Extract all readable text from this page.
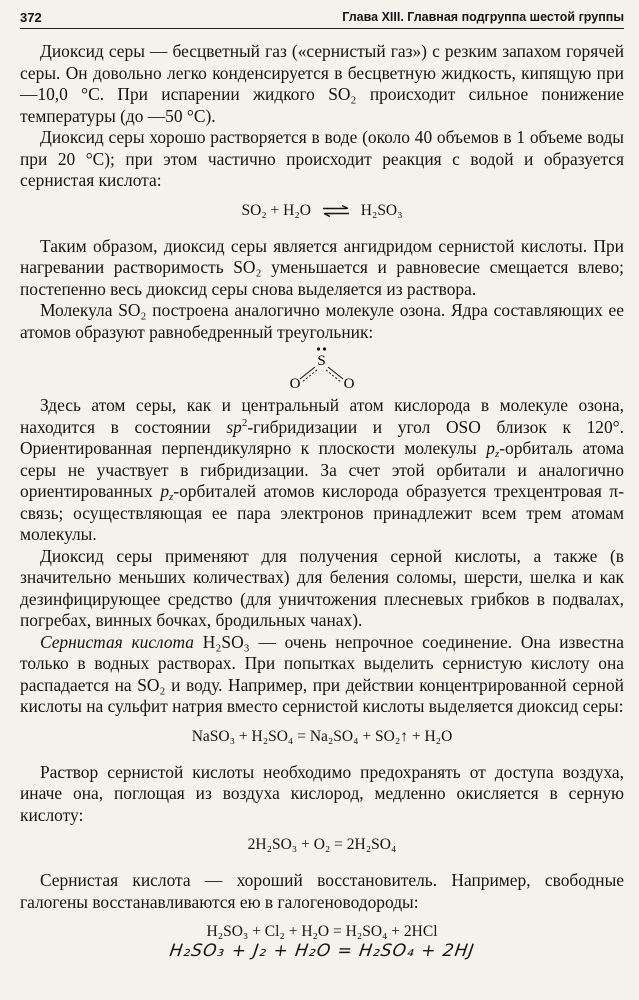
372	Глава XIII. Главная подгруппа шестой группы

Диоксид серы — бесцветный газ («сернистый газ») с резким запахом горячей серы. Он довольно легко конденсируется в бесцветную жидкость, кипящую при —10,0 °С. При испарении жидкого SO₂ происходит сильное понижение температуры (до —50 °С).

Диоксид серы хорошо растворяется в воде (около 40 объемов в 1 объеме воды при 20 °С); при этом частично происходит реакция с водой и образуется сернистая кислота:

SO₂ + H₂O ⇌ H₂SO₃

Таким образом, диоксид серы является ангидридом сернистой кислоты. При нагревании растворимость SO₂ уменьшается и равновесие смещается влево; постепенно весь диоксид серы снова выделяется из раствора.

Молекула SO₂ построена аналогично молекуле озона. Ядра составляющих ее атомов образуют равнобедренный треугольник:

S
O	O

Здесь атом серы, как и центральный атом кислорода в молекуле озона, находится в состоянии $sp^2$-гибридизации и угол OSO близок к 120°. Ориентированная перпендикулярно к плоскости молекулы $p_z$-орбиталь атома серы не участвует в гибридизации. За счет этой орбитали и аналогично ориентированных $p_z$-орбиталей атомов кислорода образуется трехцентровая π-связь; осуществляющая ее пара электронов принадлежит всем трем атомам молекулы.

Диоксид серы применяют для получения серной кислоты, а также (в значительно меньших количествах) для беления соломы, шерсти, шелка и как дезинфицирующее средство (для уничтожения плесневых грибков в подвалах, погребах, винных бочках, бродильных чанах).

Сернистая кислота H₂SO₃ — очень непрочное соединение. Она известна только в водных растворах. При попытках выделить сернистую кислоту она распадается на SO₂ и воду. Например, при действии концентрированной серной кислоты на сульфит натрия вместо сернистой кислоты выделяется диоксид серы:

NaSO₃ + H₂SO₄ = Na₂SO₄ + SO₂↑ + H₂O

Раствор сернистой кислоты необходимо предохранять от доступа воздуха, иначе она, поглощая из воздуха кислород, медленно окисляется в серную кислоту:

2H₂SO₃ + O₂ = 2H₂SO₄

Сернистая кислота — хороший восстановитель. Например, свободные галогены восстанавливаются ею в галогеноводороды:

H₂SO₃ + Cl₂ + H₂O = H₂SO₄ + 2HCl
H₂SO₃ + J₂ + H₂O = H₂SO₄ + 2HJ
